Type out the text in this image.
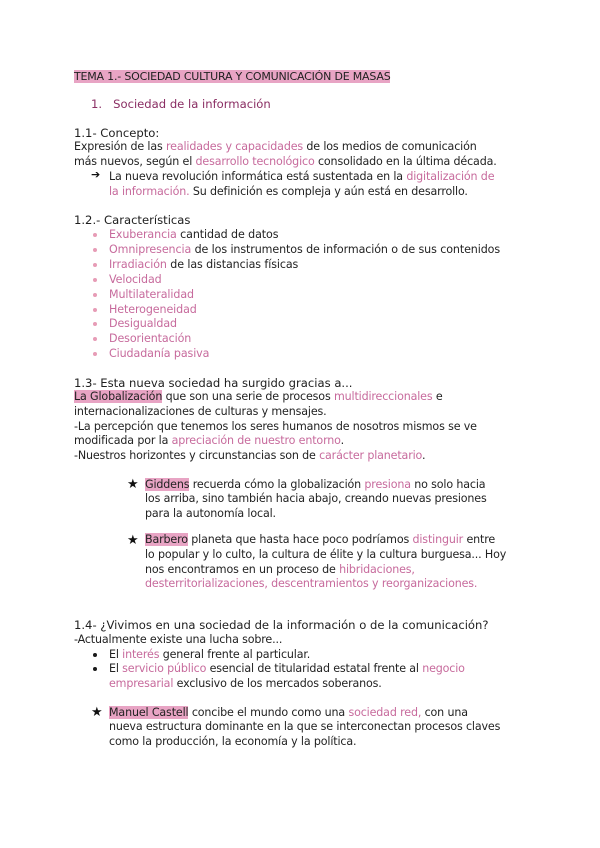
TEMA 1.- SOCIEDAD CULTURA Y COMUNICACIÓN DE MASAS
1. Sociedad de la información
1.1- Concepto:
Expresión de las realidades y capacidades de los medios de comunicación
más nuevos, según el desarrollo tecnológico consolidado en la última década.
➔ La nueva revolución informática está sustentada en la digitalización de
la información. Su definición es compleja y aún está en desarrollo.
1.2.- Características
Exuberancia cantidad de datos
Omnipresencia de los instrumentos de información o de sus contenidos
Irradiación de las distancias físicas
Velocidad
Multilateralidad
Heterogeneidad
Desigualdad
Desorientación
Ciudadanía pasiva
1.3- Esta nueva sociedad ha surgido gracias a...
La Globalización que son una serie de procesos multidireccionales e
internacionalizaciones de culturas y mensajes.
-La percepción que tenemos los seres humanos de nosotros mismos se ve
modificada por la apreciación de nuestro entorno.
-Nuestros horizontes y circunstancias son de carácter planetario.
★ Giddens recuerda cómo la globalización presiona no solo hacia
los arriba, sino también hacia abajo, creando nuevas presiones
para la autonomía local.
★ Barbero planeta que hasta hace poco podríamos distinguir entre
lo popular y lo culto, la cultura de élite y la cultura burguesa... Hoy
nos encontramos en un proceso de hibridaciones,
desterritorializaciones, descentramientos y reorganizaciones.
1.4- ¿Vivimos en una sociedad de la información o de la comunicación?
-Actualmente existe una lucha sobre...
El interés general frente al particular.
El servicio público esencial de titularidad estatal frente al negocio
empresarial exclusivo de los mercados soberanos.
★ Manuel Castell concibe el mundo como una sociedad red, con una
nueva estructura dominante en la que se interconectan procesos claves
como la producción, la economía y la política.
